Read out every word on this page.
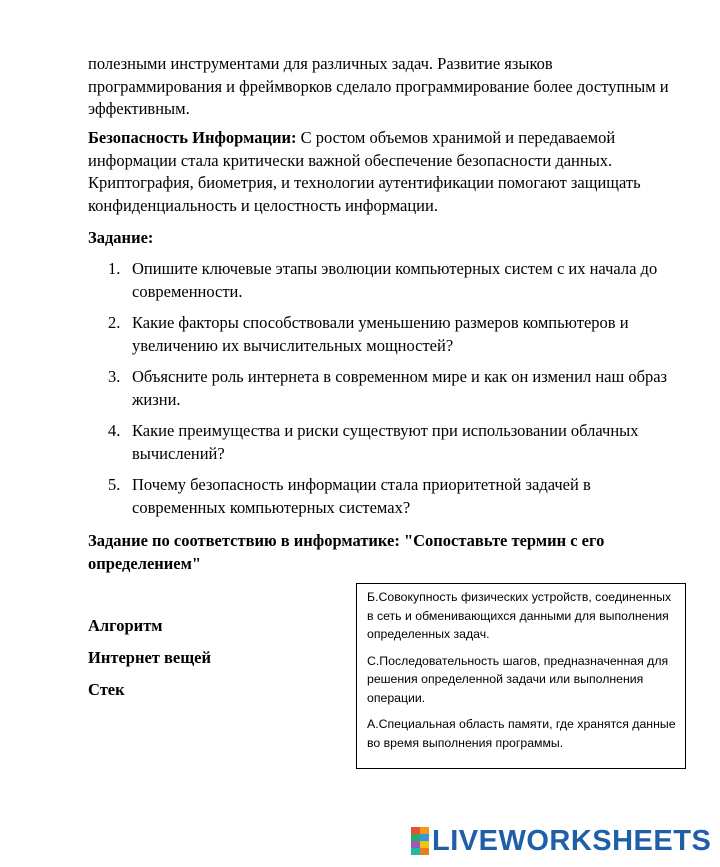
полезными инструментами для различных задач. Развитие языков программирования и фреймворков сделало программирование более доступным и эффективным.

Безопасность Информации: С ростом объемов хранимой и передаваемой информации стала критически важной обеспечение безопасности данных. Криптография, биометрия, и технологии аутентификации помогают защищать конфиденциальность и целостность информации.

Задание:
1. Опишите ключевые этапы эволюции компьютерных систем с их начала до современности.
2. Какие факторы способствовали уменьшению размеров компьютеров и увеличению их вычислительных мощностей?
3. Объясните роль интернета в современном мире и как он изменил наш образ жизни.
4. Какие преимущества и риски существуют при использовании облачных вычислений?
5. Почему безопасность информации стала приоритетной задачей в современных компьютерных системах?
Задание по соответствию в информатике: "Сопоставьте термин с его определением"
Алгоритм
Интернет вещей
Стек

Б.Совокупность физических устройств, соединенных в сеть и обменивающихся данными для выполнения определенных задач.

С.Последовательность шагов, предназначенная для решения определенной задачи или выполнения операции.

А.Специальная область памяти, где хранятся данные во время выполнения программы.

LIVEWORKSHEETS
